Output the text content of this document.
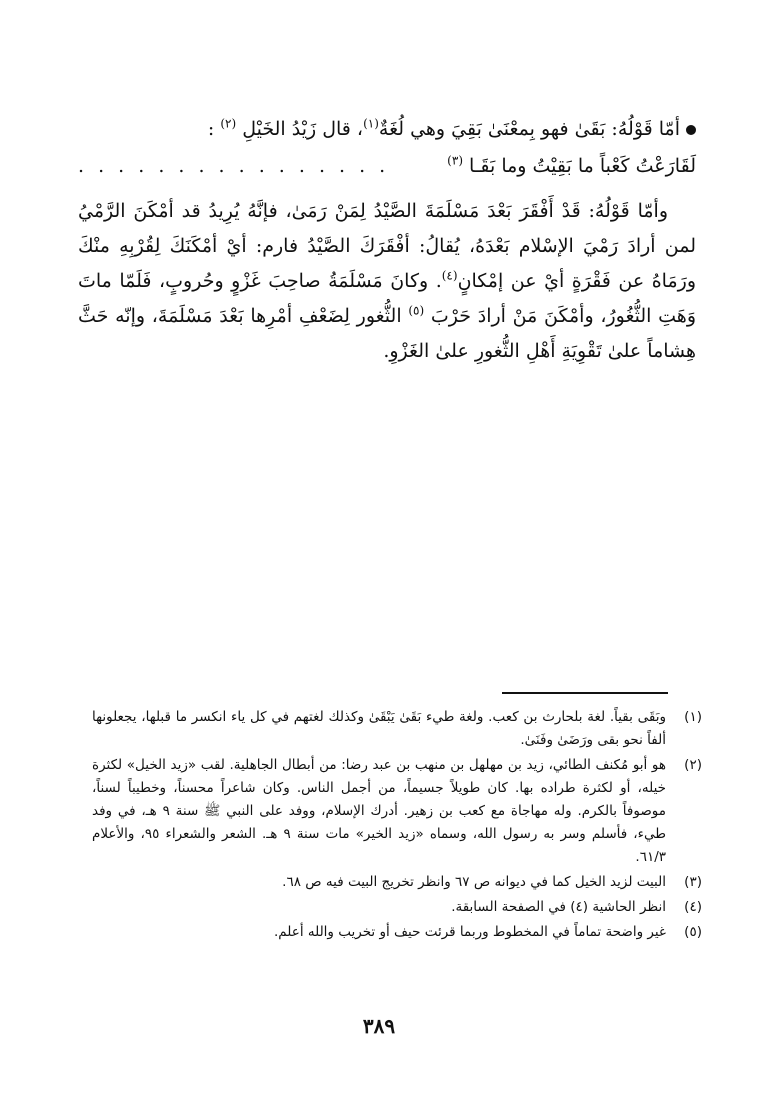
أمّا قَوْلُهُ: بَقَىٰ فهو بِمعْنَىٰ بَقِيَ وهي لُغَةٌ$^{(١)}$، قال زَيْدُ الخَيْلِ $^{(٢)}$ :

لَقَارَعْتُ كَعْباً ما بَقِيْتُ وما بَقَـا $^{(٣)}$
. . . . . . . . . . . . . . . .

وأمّا قَوْلُهُ: قَدْ أَفْقَرَ بَعْدَ مَسْلَمَةَ الصَّيْدُ لِمَنْ رَمَىٰ، فإنَّهُ يُرِيدُ قد أمْكَنَ الرَّمْيُ لمن أرادَ رَمْيَ الإسْلام بَعْدَهُ، يُقالُ: أفْقَرَكَ الصَّيْدُ فارم: أيْ أمْكَنَكَ لِقُرْبِهِ منْكَ ورَمَاهُ عن فَقْرَةٍ أيْ عن إمْكانٍ$^{(٤)}$. وكانَ مَسْلَمَةُ صاحِبَ غَزْوٍ وحُروبٍ، فَلَمّا ماتَ وَهَتِ الثُّغُورُ، وأمْكَنَ مَنْ أرادَ حَرْبَ $^{(٥)}$ الثُّغور لِضَعْفِ أمْرِها بَعْدَ مَسْلَمَةَ، وإنّه حَثَّ هِشاماً علىٰ تَقْوِيَةِ أَهْلِ الثُّغورِ علىٰ الغَزْوِ.

(١)
وبَقَى بقياً. لغة بلحارث بن كعب. ولغة طيء بَقَىٰ يَبْقَىٰ وكذلك لغتهم في كل ياء انكسر ما قبلها، يجعلونها ألفاً نحو بقى ورَضَىٰ وفَنَىٰ.
(٢)
هو أبو مُكنف الطائي، زيد بن مهلهل بن منهب بن عبد رضا: من أبطال الجاهلية. لقب «زيد الخيل» لكثرة خيله، أو لكثرة طراده بها. كان طويلاً جسيماً، من أجمل الناس. وكان شاعراً محسناً، وخطيباً لسناً، موصوفاً بالكرم. وله مهاجاة مع كعب بن زهير. أدرك الإسلام، ووفد على النبي ﷺ سنة ٩ هـ، في وفد طيء، فأسلم وسر به رسول الله، وسماه «زيد الخير» مات سنة ٩ هـ. الشعر والشعراء ٩٥، والأعلام ٦١/٣.
(٣)
البيت لزيد الخيل كما في ديوانه ص ٦٧ وانظر تخريج البيت فيه ص ٦٨.
(٤)
انظر الحاشية (٤) في الصفحة السابقة.
(٥)
غير واضحة تماماً في المخطوط وربما قرئت حيف أو تخريب والله أعلم.
٣٨٩
